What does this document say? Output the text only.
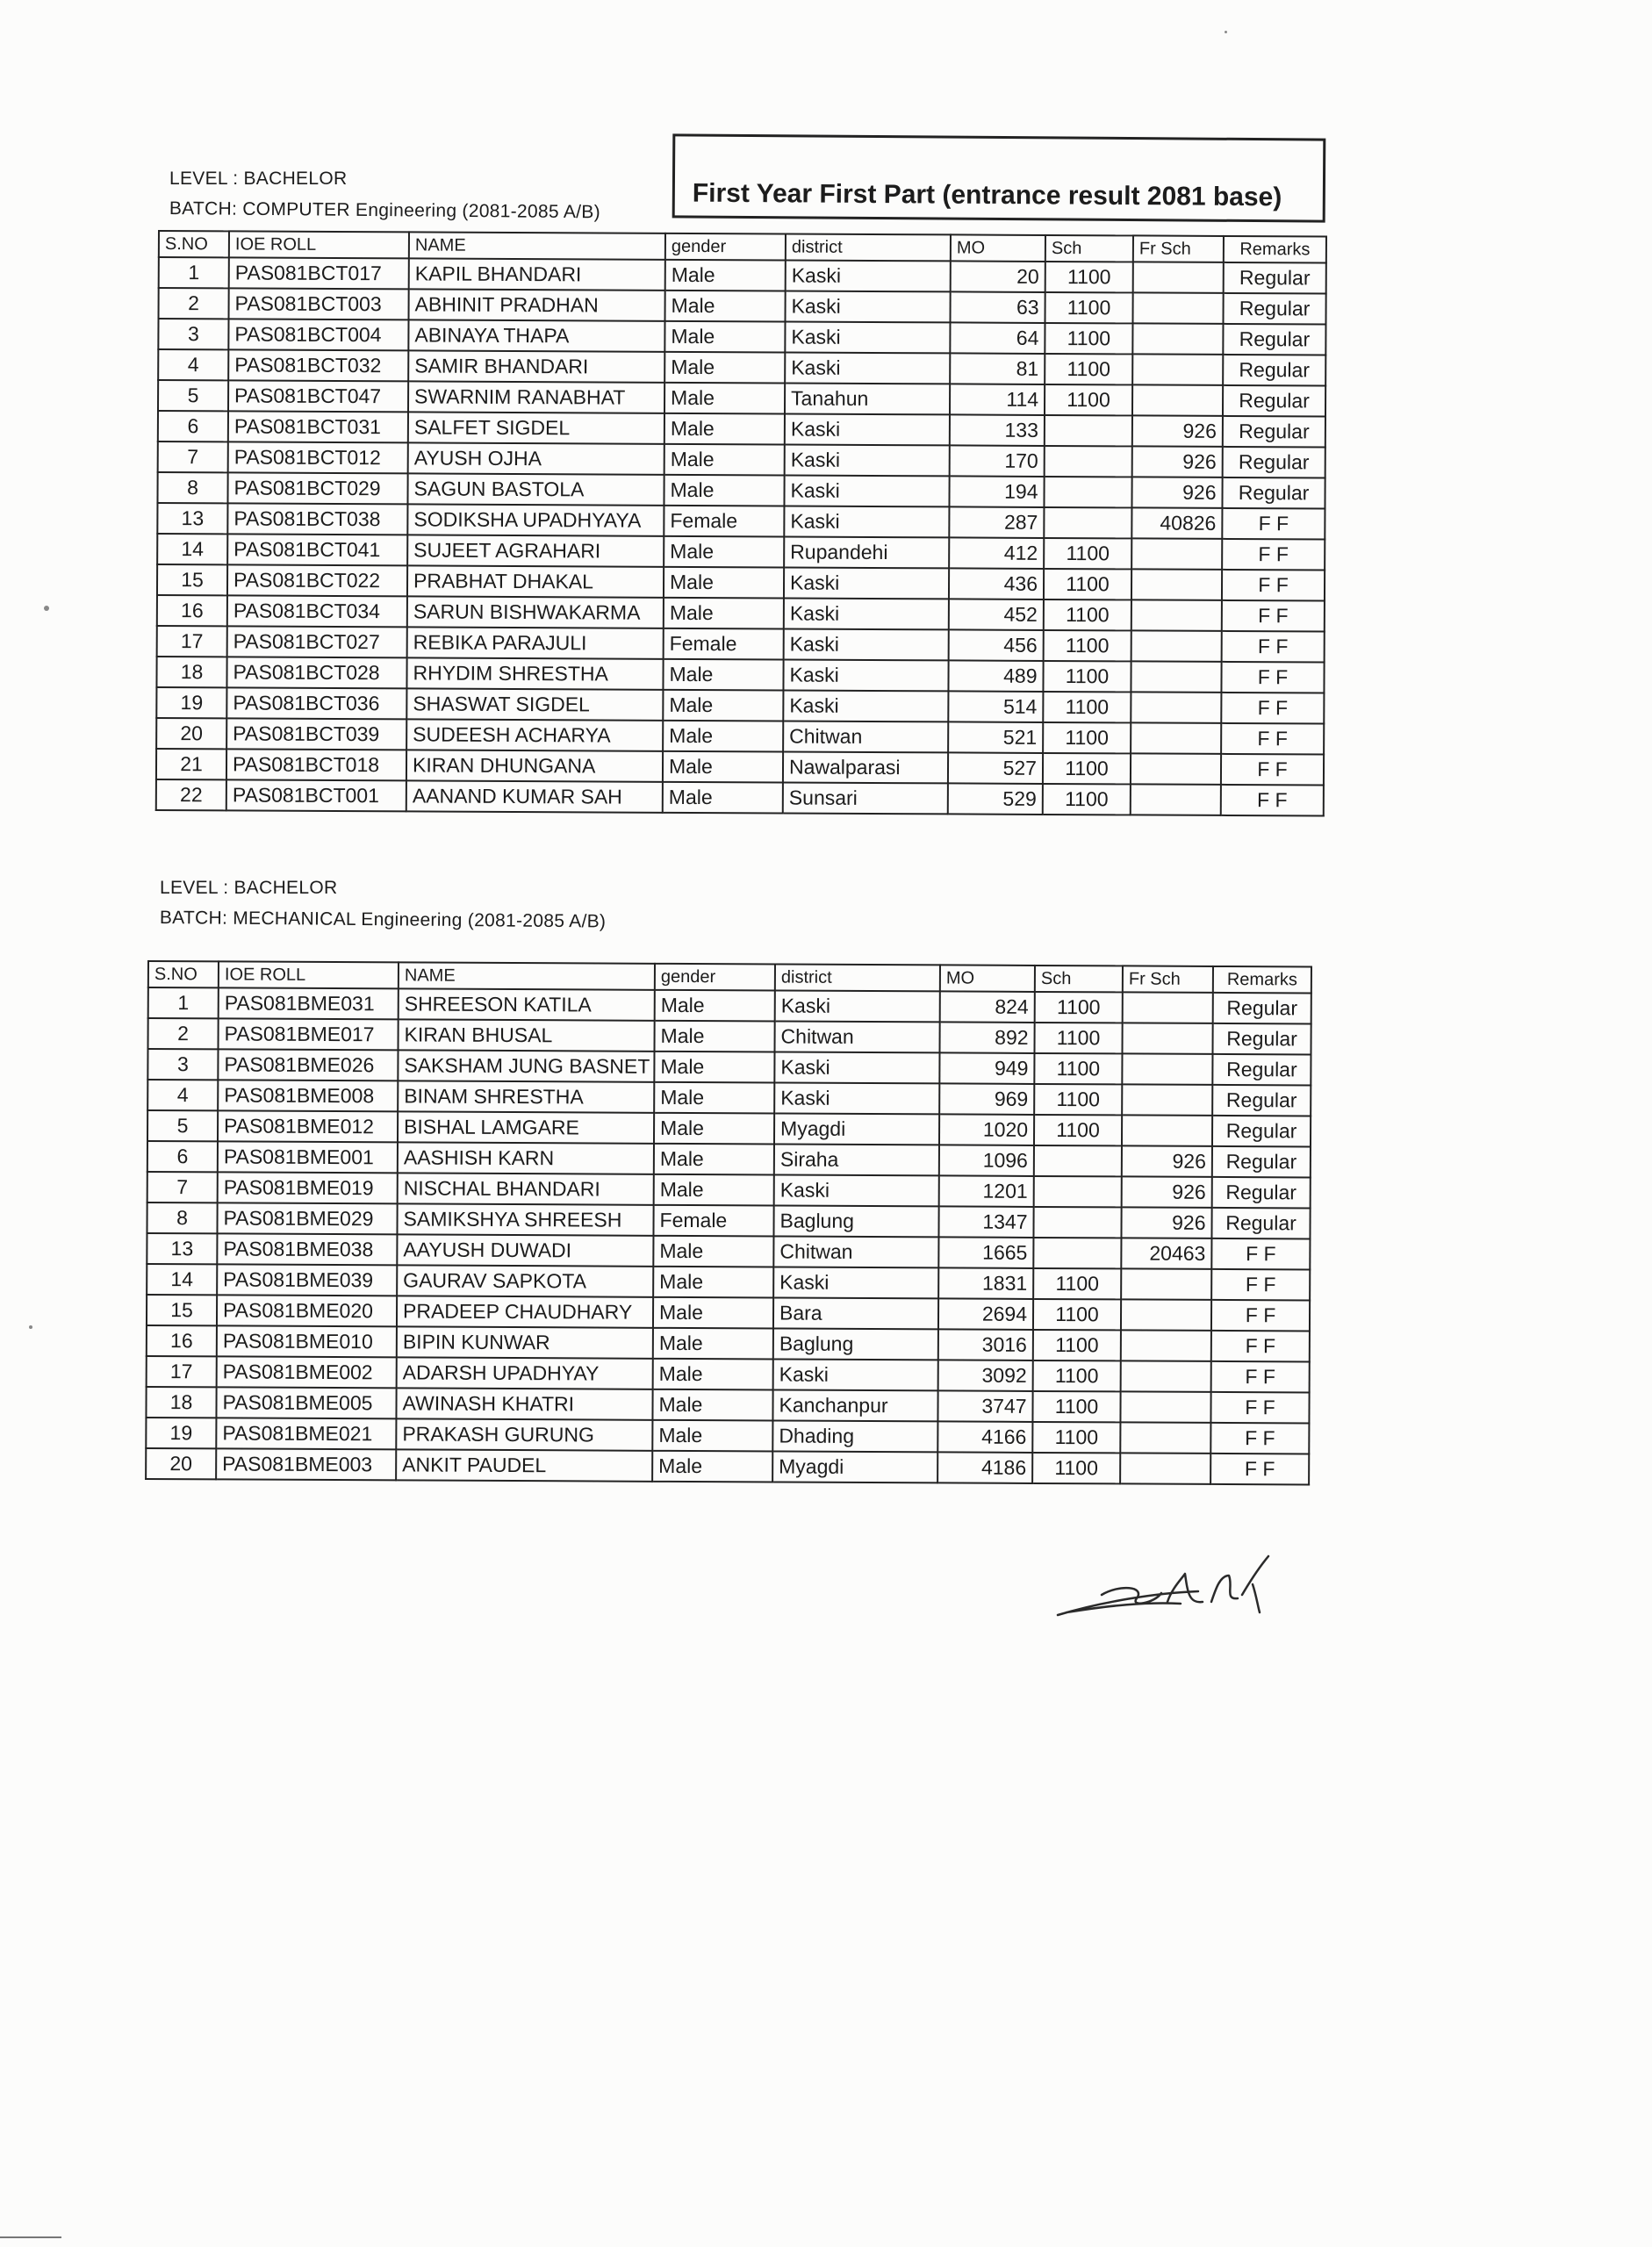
LEVEL : BACHELOR
BATCH: COMPUTER Engineering (2081-2085 A/B)	First Year First Part (entrance result 2081 base)
S.NO	IOE ROLL	NAME	gender	district	MO	Sch	Fr Sch	Remarks
1	PAS081BCT017	KAPIL BHANDARI	Male	Kaski	20	1100		Regular
2	PAS081BCT003	ABHINIT PRADHAN	Male	Kaski	63	1100		Regular
3	PAS081BCT004	ABINAYA THAPA	Male	Kaski	64	1100		Regular
4	PAS081BCT032	SAMIR BHANDARI	Male	Kaski	81	1100		Regular
5	PAS081BCT047	SWARNIM RANABHAT	Male	Tanahun	114	1100		Regular
6	PAS081BCT031	SALFET SIGDEL	Male	Kaski	133		926	Regular
7	PAS081BCT012	AYUSH OJHA	Male	Kaski	170		926	Regular
8	PAS081BCT029	SAGUN BASTOLA	Male	Kaski	194		926	Regular
13	PAS081BCT038	SODIKSHA UPADHYAYA	Female	Kaski	287		40826	F F
14	PAS081BCT041	SUJEET AGRAHARI	Male	Rupandehi	412	1100		F F
15	PAS081BCT022	PRABHAT DHAKAL	Male	Kaski	436	1100		F F
16	PAS081BCT034	SARUN BISHWAKARMA	Male	Kaski	452	1100		F F
17	PAS081BCT027	REBIKA PARAJULI	Female	Kaski	456	1100		F F
18	PAS081BCT028	RHYDIM SHRESTHA	Male	Kaski	489	1100		F F
19	PAS081BCT036	SHASWAT SIGDEL	Male	Kaski	514	1100		F F
20	PAS081BCT039	SUDEESH ACHARYA	Male	Chitwan	521	1100		F F
21	PAS081BCT018	KIRAN DHUNGANA	Male	Nawalparasi	527	1100		F F
22	PAS081BCT001	AANAND KUMAR SAH	Male	Sunsari	529	1100		F F
LEVEL : BACHELOR
BATCH: MECHANICAL Engineering (2081-2085 A/B)
S.NO	IOE ROLL	NAME	gender	district	MO	Sch	Fr Sch	Remarks
1	PAS081BME031	SHREESON KATILA	Male	Kaski	824	1100		Regular
2	PAS081BME017	KIRAN BHUSAL	Male	Chitwan	892	1100		Regular
3	PAS081BME026	SAKSHAM JUNG BASNET	Male	Kaski	949	1100		Regular
4	PAS081BME008	BINAM SHRESTHA	Male	Kaski	969	1100		Regular
5	PAS081BME012	BISHAL LAMGARE	Male	Myagdi	1020	1100		Regular
6	PAS081BME001	AASHISH KARN	Male	Siraha	1096		926	Regular
7	PAS081BME019	NISCHAL BHANDARI	Male	Kaski	1201		926	Regular
8	PAS081BME029	SAMIKSHYA SHREESH	Female	Baglung	1347		926	Regular
13	PAS081BME038	AAYUSH DUWADI	Male	Chitwan	1665		20463	F F
14	PAS081BME039	GAURAV SAPKOTA	Male	Kaski	1831	1100		F F
15	PAS081BME020	PRADEEP CHAUDHARY	Male	Bara	2694	1100		F F
16	PAS081BME010	BIPIN KUNWAR	Male	Baglung	3016	1100		F F
17	PAS081BME002	ADARSH UPADHYAY	Male	Kaski	3092	1100		F F
18	PAS081BME005	AWINASH KHATRI	Male	Kanchanpur	3747	1100		F F
19	PAS081BME021	PRAKASH GURUNG	Male	Dhading	4166	1100		F F
20	PAS081BME003	ANKIT PAUDEL	Male	Myagdi	4186	1100		F F
